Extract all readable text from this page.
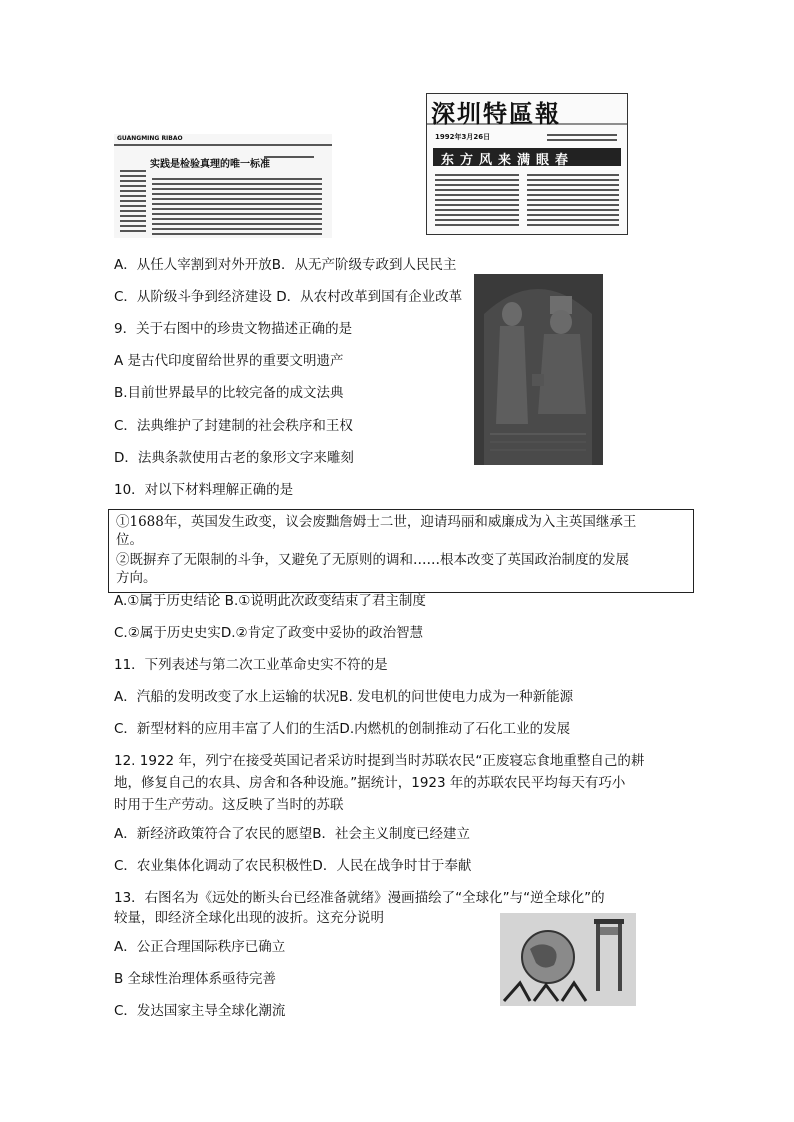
GUANGMING RIBAO
实践是检验真理的唯一标准
深圳特區報
1992年3月26日
东方风来满眼春
A．从任人宰割到对外开放B．从无产阶级专政到人民民主
C．从阶级斗争到经济建设 D．从农村改革到国有企业改革
9．关于右图中的珍贵文物描述正确的是
A 是古代印度留给世界的重要文明遗产
B.目前世界最早的比较完备的成文法典
C．法典维护了封建制的社会秩序和王权
D．法典条款使用古老的象形文字来雕刻
10．对以下材料理解正确的是
①1688年，英国发生政变，议会废黜詹姆士二世，迎请玛丽和威廉成为入主英国继承王
位。
②既摒弃了无限制的斗争，又避免了无原则的调和……根本改变了英国政治制度的发展
方向。
A.①属于历史结论 B.①说明此次政变结束了君主制度
C.②属于历史史实D.②肯定了政变中妥协的政治智慧
11．下列表述与第二次工业革命史实不符的是
A．汽船的发明改变了水上运输的状况B. 发电机的问世使电力成为一种新能源
C．新型材料的应用丰富了人们的生活D.内燃机的创制推动了石化工业的发展
12. 1922 年，列宁在接受英国记者采访时提到当时苏联农民“正废寝忘食地重整自己的耕
地，修复自己的农具、房舍和各种设施。”据统计，1923 年的苏联农民平均每天有巧小
时用于生产劳动。这反映了当时的苏联
A．新经济政策符合了农民的愿望B．社会主义制度已经建立
C．农业集体化调动了农民积极性D．人民在战争时甘于奉献
13．右图名为《远处的断头台已经准备就绪》漫画描绘了“全球化”与“逆全球化”的
较量，即经济全球化出现的波折。这充分说明
A．公正合理国际秩序已确立
B 全球性治理体系亟待完善
C．发达国家主导全球化潮流
